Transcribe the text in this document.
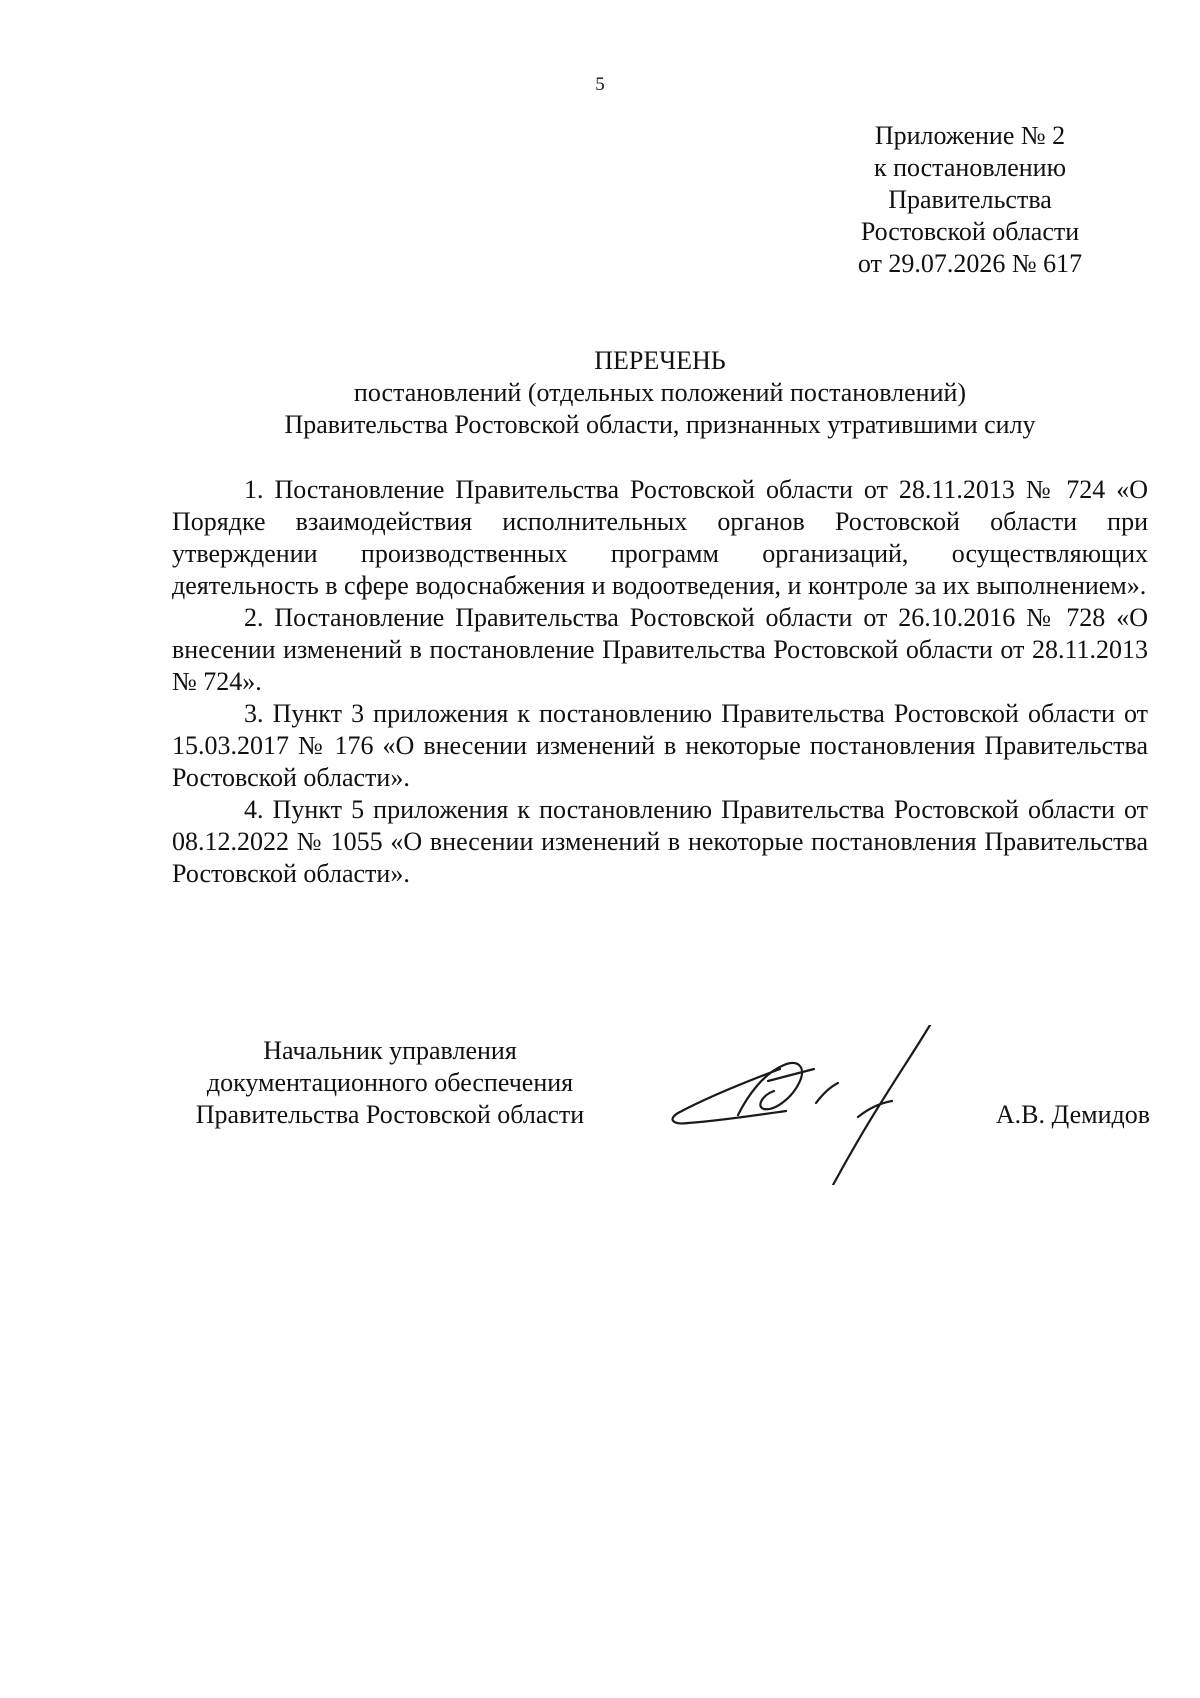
5
Приложение № 2
к постановлению
Правительства
Ростовской области
от 29.07.2026 № 617
ПЕРЕЧЕНЬ
постановлений (отдельных положений постановлений)
Правительства Ростовской области, признанных утратившими силу

1. Постановление Правительства Ростовской области от 28.11.2013 № 724 «О Порядке взаимодействия исполнительных органов Ростовской области при утверждении производственных программ организаций, осуществляющих деятельность в сфере водоснабжения и водоотведения, и контроле за их выполнением».

2. Постановление Правительства Ростовской области от 26.10.2016 № 728 «О внесении изменений в постановление Правительства Ростовской области от 28.11.2013 № 724».

3. Пункт 3 приложения к постановлению Правительства Ростовской области от 15.03.2017 № 176 «О внесении изменений в некоторые постановления Правительства Ростовской области».

4. Пункт 5 приложения к постановлению Правительства Ростовской области от 08.12.2022 № 1055 «О внесении изменений в некоторые постановления Правительства Ростовской области».

Начальник управления
документационного обеспечения
Правительства Ростовской области	А.В. Демидов
